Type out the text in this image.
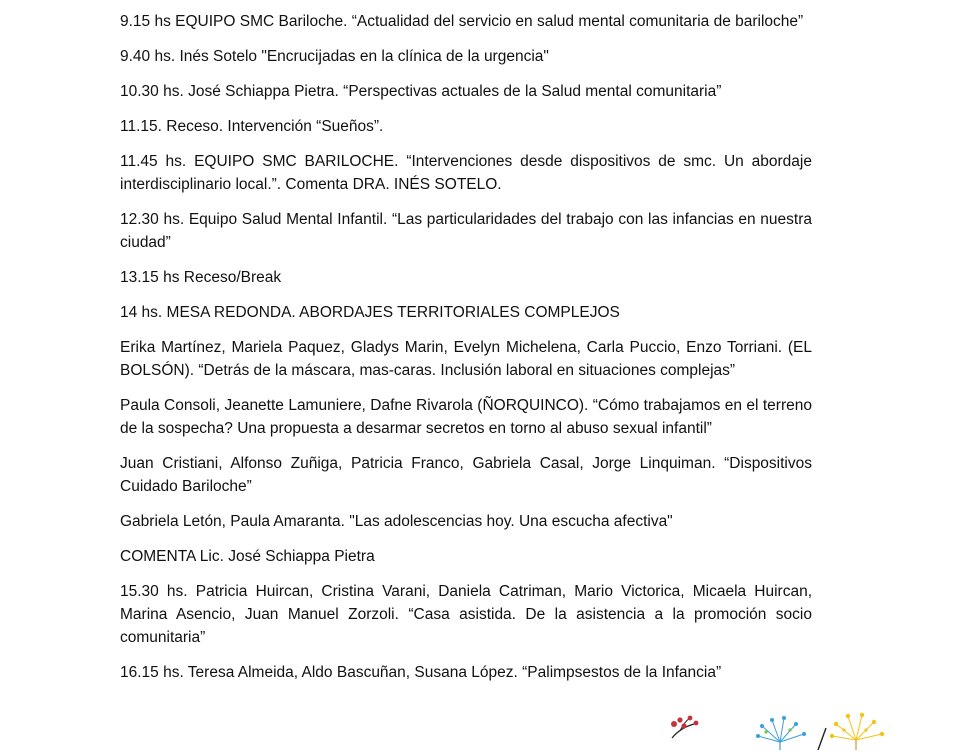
9.15 hs EQUIPO SMC Bariloche. “Actualidad del servicio en salud mental comunitaria de bariloche”

9.40 hs. Inés Sotelo "Encrucijadas en la clínica de la urgencia"

10.30 hs. José Schiappa Pietra. “Perspectivas actuales de la Salud mental comunitaria”

11.15. Receso. Intervención “Sueños”.

11.45 hs. EQUIPO SMC BARILOCHE. “Intervenciones desde dispositivos de smc. Un abordaje interdisciplinario local.”. Comenta DRA. INÉS SOTELO.

12.30 hs. Equipo Salud Mental Infantil. “Las particularidades del trabajo con las infancias en nuestra ciudad”

13.15 hs Receso/Break

14 hs. MESA REDONDA. ABORDAJES TERRITORIALES COMPLEJOS

Erika Martínez, Mariela Paquez, Gladys Marin, Evelyn Michelena, Carla Puccio, Enzo Torriani. (EL BOLSÓN). “Detrás de la máscara, mas-caras. Inclusión laboral en situaciones complejas”

Paula Consoli, Jeanette Lamuniere, Dafne Rivarola (ÑORQUINCO). “Cómo trabajamos en el terreno de la sospecha? Una propuesta a desarmar secretos en torno al abuso sexual infantil”

Juan Cristiani, Alfonso Zuñiga, Patricia Franco, Gabriela Casal, Jorge Linquiman. “Dispositivos Cuidado Bariloche”

Gabriela Letón, Paula Amaranta. "Las adolescencias hoy. Una escucha afectiva"

COMENTA Lic. José Schiappa Pietra

15.30 hs. Patricia Huircan, Cristina Varani, Daniela Catriman, Mario Victorica, Micaela Huircan, Marina Asencio, Juan Manuel Zorzoli. “Casa asistida. De la asistencia a la promoción socio comunitaria”

16.15 hs. Teresa Almeida, Aldo Bascuñan, Susana López. “Palimpsestos de la Infancia”
